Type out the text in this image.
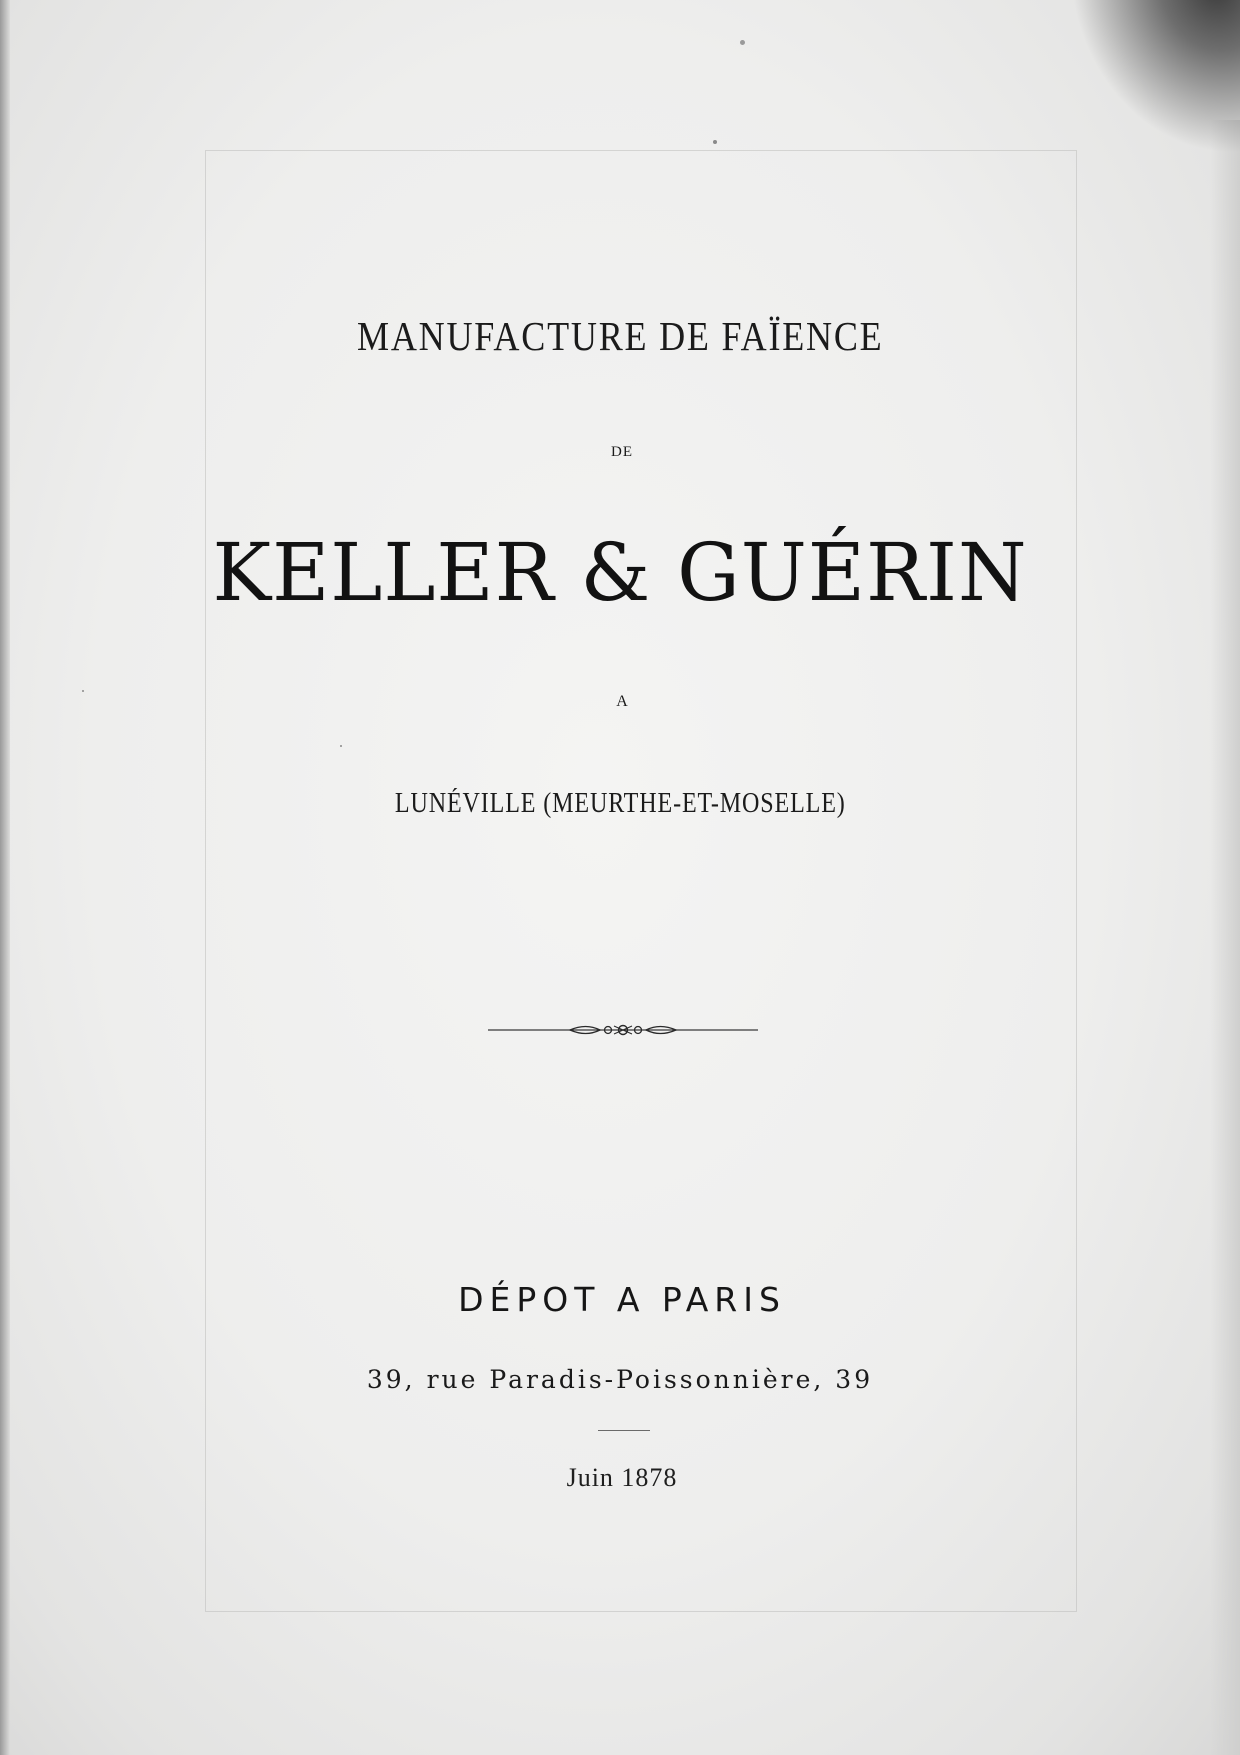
MANUFACTURE DE FAÏENCE
DE
KELLER & GUÉRIN
A
LUNÉVILLE (MEURTHE-ET-MOSELLE)
DÉPOT A PARIS
39, rue Paradis-Poissonnière, 39
Juin 1878
